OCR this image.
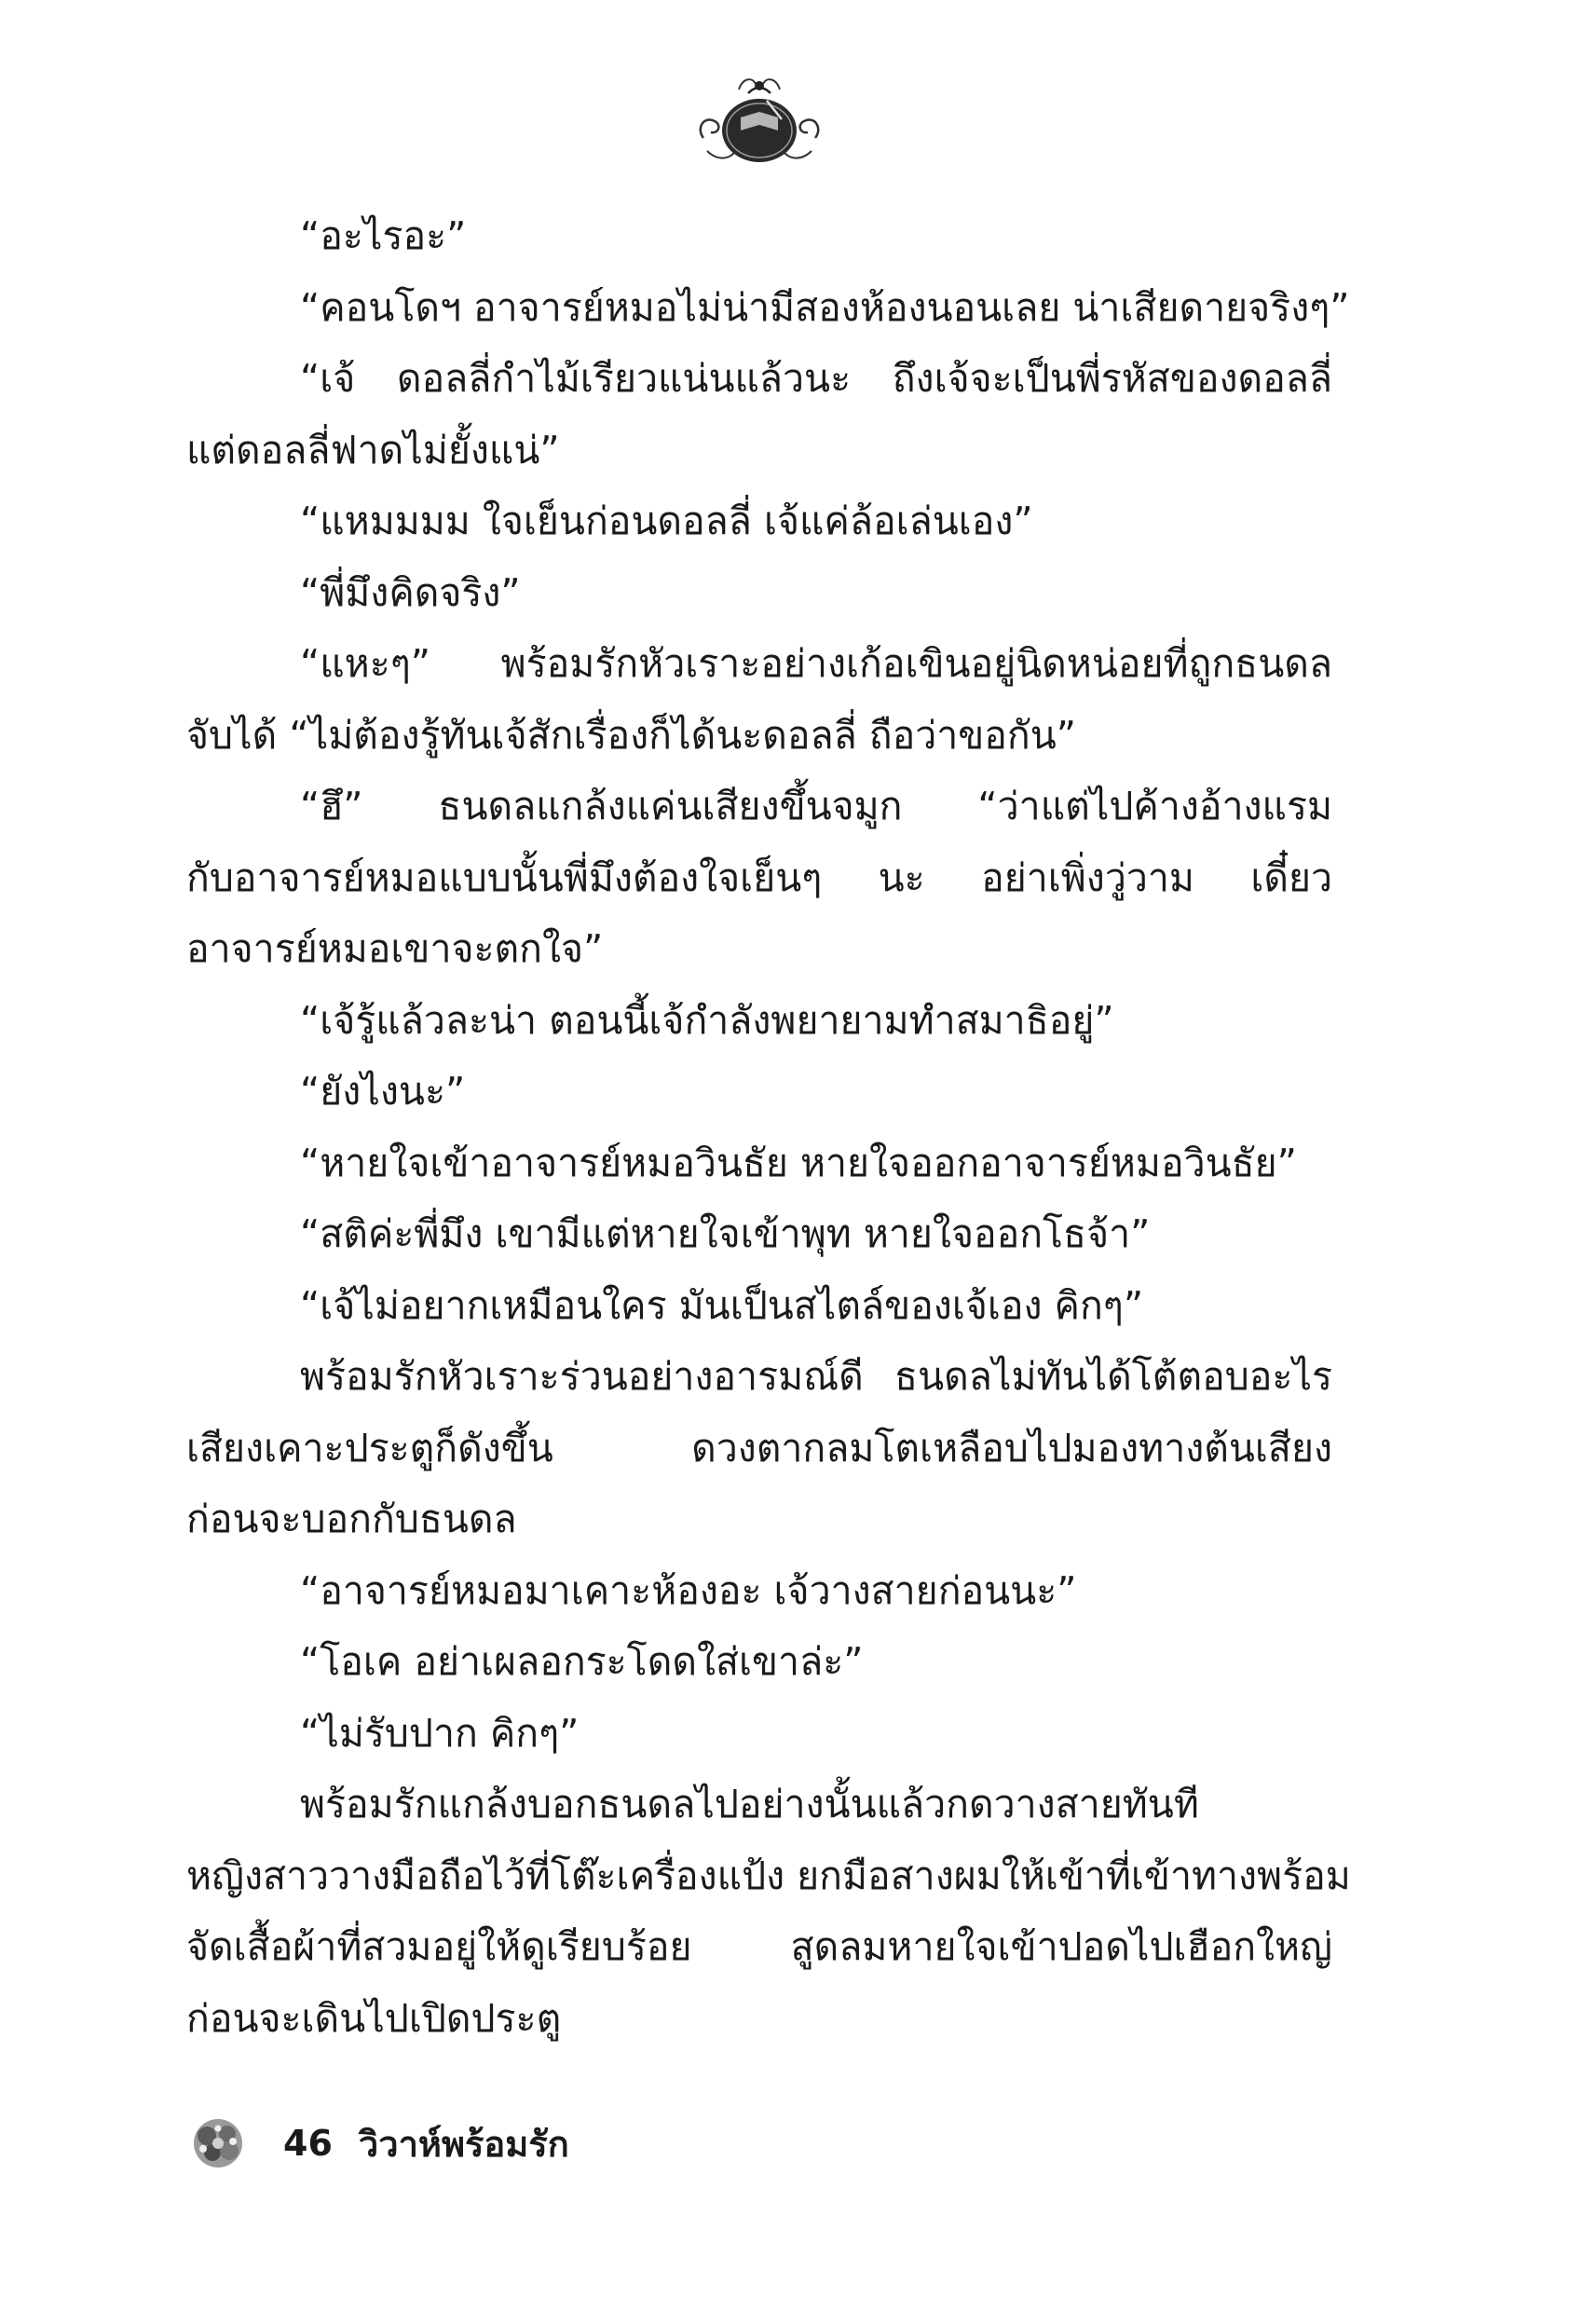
“อะไรอะ”
“คอนโดฯ อาจารย์หมอไม่น่ามีสองห้องนอนเลย น่าเสียดายจริงๆ”
“เจ้ ดอลลี่กำไม้เรียวแน่นแล้วนะ ถึงเจ้จะเป็นพี่รหัสของดอลลี่
แต่ดอลลี่ฟาดไม่ยั้งแน่”
“แหมมมม ใจเย็นก่อนดอลลี่ เจ้แค่ล้อเล่นเอง”
“พี่มึงคิดจริง”
“แหะๆ” พร้อมรักหัวเราะอย่างเก้อเขินอยู่นิดหน่อยที่ถูกธนดล
จับได้ “ไม่ต้องรู้ทันเจ้สักเรื่องก็ได้นะดอลลี่ ถือว่าขอกัน”
“ฮึ” ธนดลแกล้งแค่นเสียงขึ้นจมูก “ว่าแต่ไปค้างอ้างแรม
กับอาจารย์หมอแบบนั้นพี่มึงต้องใจเย็นๆ นะ อย่าเพิ่งวู่วาม เดี๋ยว
อาจารย์หมอเขาจะตกใจ”
“เจ้รู้แล้วละน่า ตอนนี้เจ้กำลังพยายามทำสมาธิอยู่”
“ยังไงนะ”
“หายใจเข้าอาจารย์หมอวินธัย หายใจออกอาจารย์หมอวินธัย”
“สติค่ะพี่มึง เขามีแต่หายใจเข้าพุท หายใจออกโธจ้า”
“เจ้ไม่อยากเหมือนใคร มันเป็นสไตล์ของเจ้เอง คิกๆ”
พร้อมรักหัวเราะร่วนอย่างอารมณ์ดี ธนดลไม่ทันได้โต้ตอบอะไร
เสียงเคาะประตูก็ดังขึ้น ดวงตากลมโตเหลือบไปมองทางต้นเสียง
ก่อนจะบอกกับธนดล
“อาจารย์หมอมาเคาะห้องอะ เจ้วางสายก่อนนะ”
“โอเค อย่าเผลอกระโดดใส่เขาล่ะ”
“ไม่รับปาก คิกๆ”
พร้อมรักแกล้งบอกธนดลไปอย่างนั้นแล้วกดวางสายทันที
หญิงสาววางมือถือไว้ที่โต๊ะเครื่องแป้ง ยกมือสางผมให้เข้าที่เข้าทางพร้อม
จัดเสื้อผ้าที่สวมอยู่ให้ดูเรียบร้อย สูดลมหายใจเข้าปอดไปเฮือกใหญ่
ก่อนจะเดินไปเปิดประตู
46 วิวาห์พร้อมรัก
